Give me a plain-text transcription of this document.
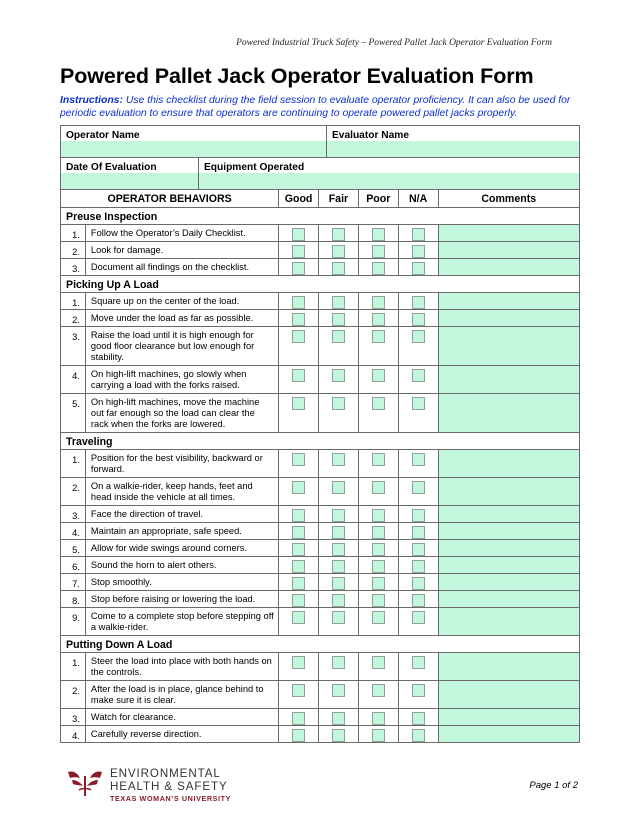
Powered Industrial Truck Safety – Powered Pallet Jack Operator Evaluation Form
Powered Pallet Jack Operator Evaluation Form
Instructions: Use this checklist during the field session to evaluate operator proficiency. It can also be used for periodic evaluation to ensure that operators are continuing to operate powered pallet jacks properly.
Operator Name	Evaluator Name
Date Of Evaluation	Equipment Operated
OPERATOR BEHAVIORS	Good	Fair	Poor	N/A	Comments
Preuse Inspection
1.	Follow the Operator’s Daily Checklist.
2.	Look for damage.
3.	Document all findings on the checklist.
Picking Up A Load
1.	Square up on the center of the load.
2.	Move under the load as far as possible.
3.	Raise the load until it is high enough for good floor clearance but low enough for stability.
4.	On high-lift machines, go slowly when carrying a load with the forks raised.
5.	On high-lift machines, move the machine out far enough so the load can clear the rack when the forks are lowered.
Traveling
1.	Position for the best visibility, backward or forward.
2.	On a walkie-rider, keep hands, feet and head inside the vehicle at all times.
3.	Face the direction of travel.
4.	Maintain an appropriate, safe speed.
5.	Allow for wide swings around corners.
6.	Sound the horn to alert others.
7.	Stop smoothly.
8.	Stop before raising or lowering the load.
9.	Come to a complete stop before stepping off a walkie-rider.
Putting Down A Load
1.	Steer the load into place with both hands on the controls.
2.	After the load is in place, glance behind to make sure it is clear.
3.	Watch for clearance.
4.	Carefully reverse direction.
ENVIRONMENTAL
HEALTH & SAFETY
TEXAS WOMAN’S UNIVERSITY
Page 1 of 2
